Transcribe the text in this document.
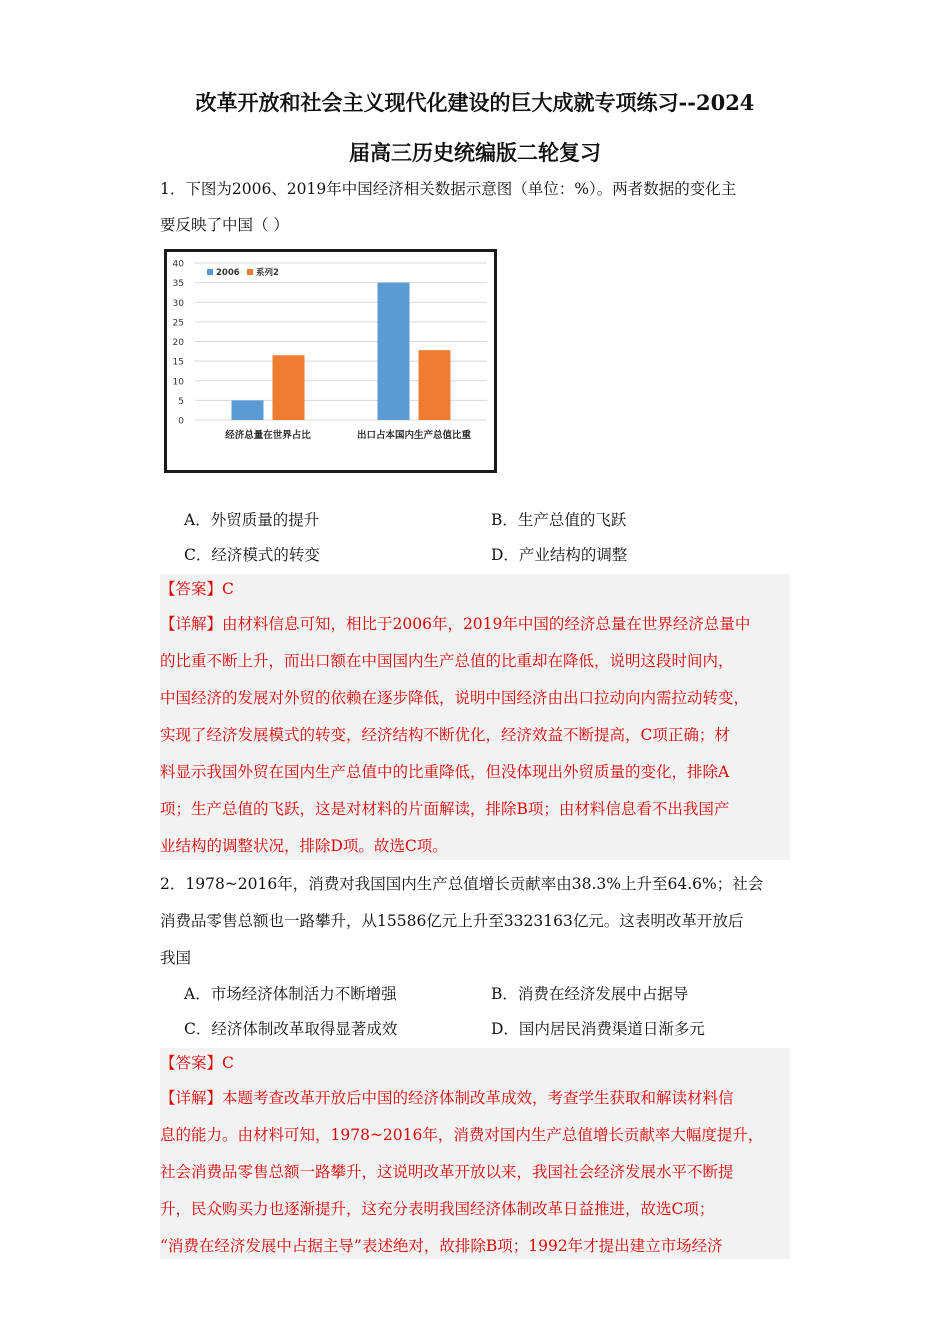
改革开放和社会主义现代化建设的巨大成就专项练习--2024
届高三历史统编版二轮复习
1．下图为2006、2019年中国经济相关数据示意图（单位：%）。两者数据的变化主
要反映了中国（ ）
0
5
10
15
20
25
30
35
40
经济总量在世界占比	出口占本国内生产总值比重
2006 系列2
A．外贸质量的提升	B．生产总值的飞跃
C．经济模式的转变	D．产业结构的调整
【答案】C
【详解】由材料信息可知，相比于2006年，2019年中国的经济总量在世界经济总量中
的比重不断上升，而出口额在中国国内生产总值的比重却在降低，说明这段时间内，
中国经济的发展对外贸的依赖在逐步降低，说明中国经济由出口拉动向内需拉动转变，
实现了经济发展模式的转变，经济结构不断优化，经济效益不断提高，C项正确；材
料显示我国外贸在国内生产总值中的比重降低，但没体现出外贸质量的变化，排除A
项；生产总值的飞跃，这是对材料的片面解读，排除B项；由材料信息看不出我国产
业结构的调整状况，排除D项。故选C项。
2．1978~2016年，消费对我国国内生产总值增长贡献率由38.3%上升至64.6%；社会
消费品零售总额也一路攀升，从15586亿元上升至3323163亿元。这表明改革开放后
我国
A．市场经济体制活力不断增强	B．消费在经济发展中占据导
C．经济体制改革取得显著成效	D．国内居民消费渠道日渐多元
【答案】C
【详解】本题考查改革开放后中国的经济体制改革成效，考查学生获取和解读材料信
息的能力。由材料可知，1978~2016年，消费对国内生产总值增长贡献率大幅度提升，
社会消费品零售总额一路攀升，这说明改革开放以来，我国社会经济发展水平不断提
升，民众购买力也逐渐提升，这充分表明我国经济体制改革日益推进，故选C项；
“消费在经济发展中占据主导”表述绝对，故排除B项；1992年才提出建立市场经济
